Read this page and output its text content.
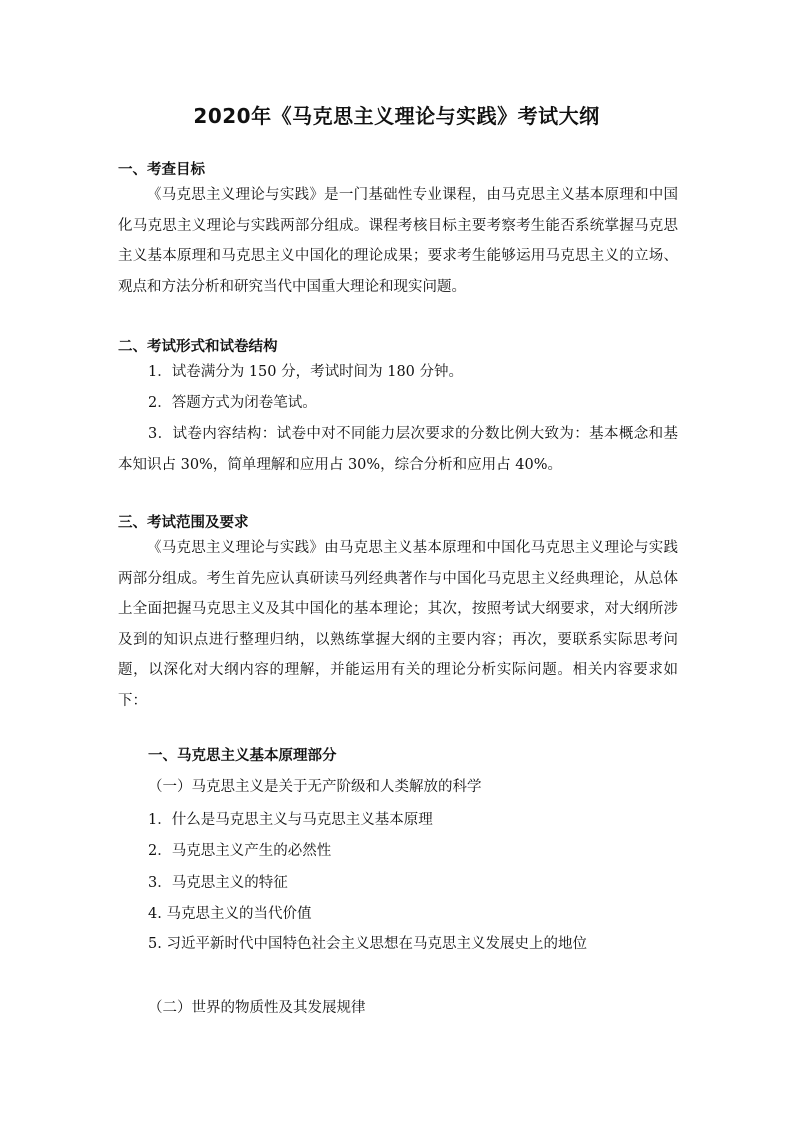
2020年《马克思主义理论与实践》考试大纲
一、考查目标

《马克思主义理论与实践》是一门基础性专业课程，由马克思主义基本原理和中国化马克思主义理论与实践两部分组成。课程考核目标主要考察考生能否系统掌握马克思主义基本原理和马克思主义中国化的理论成果；要求考生能够运用马克思主义的立场、观点和方法分析和研究当代中国重大理论和现实问题。

二、考试形式和试卷结构
1．试卷满分为 150 分，考试时间为 180 分钟。
2．答题方式为闭卷笔试。

3．试卷内容结构：试卷中对不同能力层次要求的分数比例大致为：基本概念和基本知识占 30%，简单理解和应用占 30%，综合分析和应用占 40%。

三、考试范围及要求

《马克思主义理论与实践》由马克思主义基本原理和中国化马克思主义理论与实践两部分组成。考生首先应认真研读马列经典著作与中国化马克思主义经典理论，从总体上全面把握马克思主义及其中国化的基本理论；其次，按照考试大纲要求，对大纲所涉及到的知识点进行整理归纳，以熟练掌握大纲的主要内容；再次，要联系实际思考问题，以深化对大纲内容的理解，并能运用有关的理论分析实际问题。相关内容要求如下：

一、马克思主义基本原理部分
（一）马克思主义是关于无产阶级和人类解放的科学
1．什么是马克思主义与马克思主义基本原理
2．马克思主义产生的必然性
3．马克思主义的特征
4. 马克思主义的当代价值
5. 习近平新时代中国特色社会主义思想在马克思主义发展史上的地位
（二）世界的物质性及其发展规律
